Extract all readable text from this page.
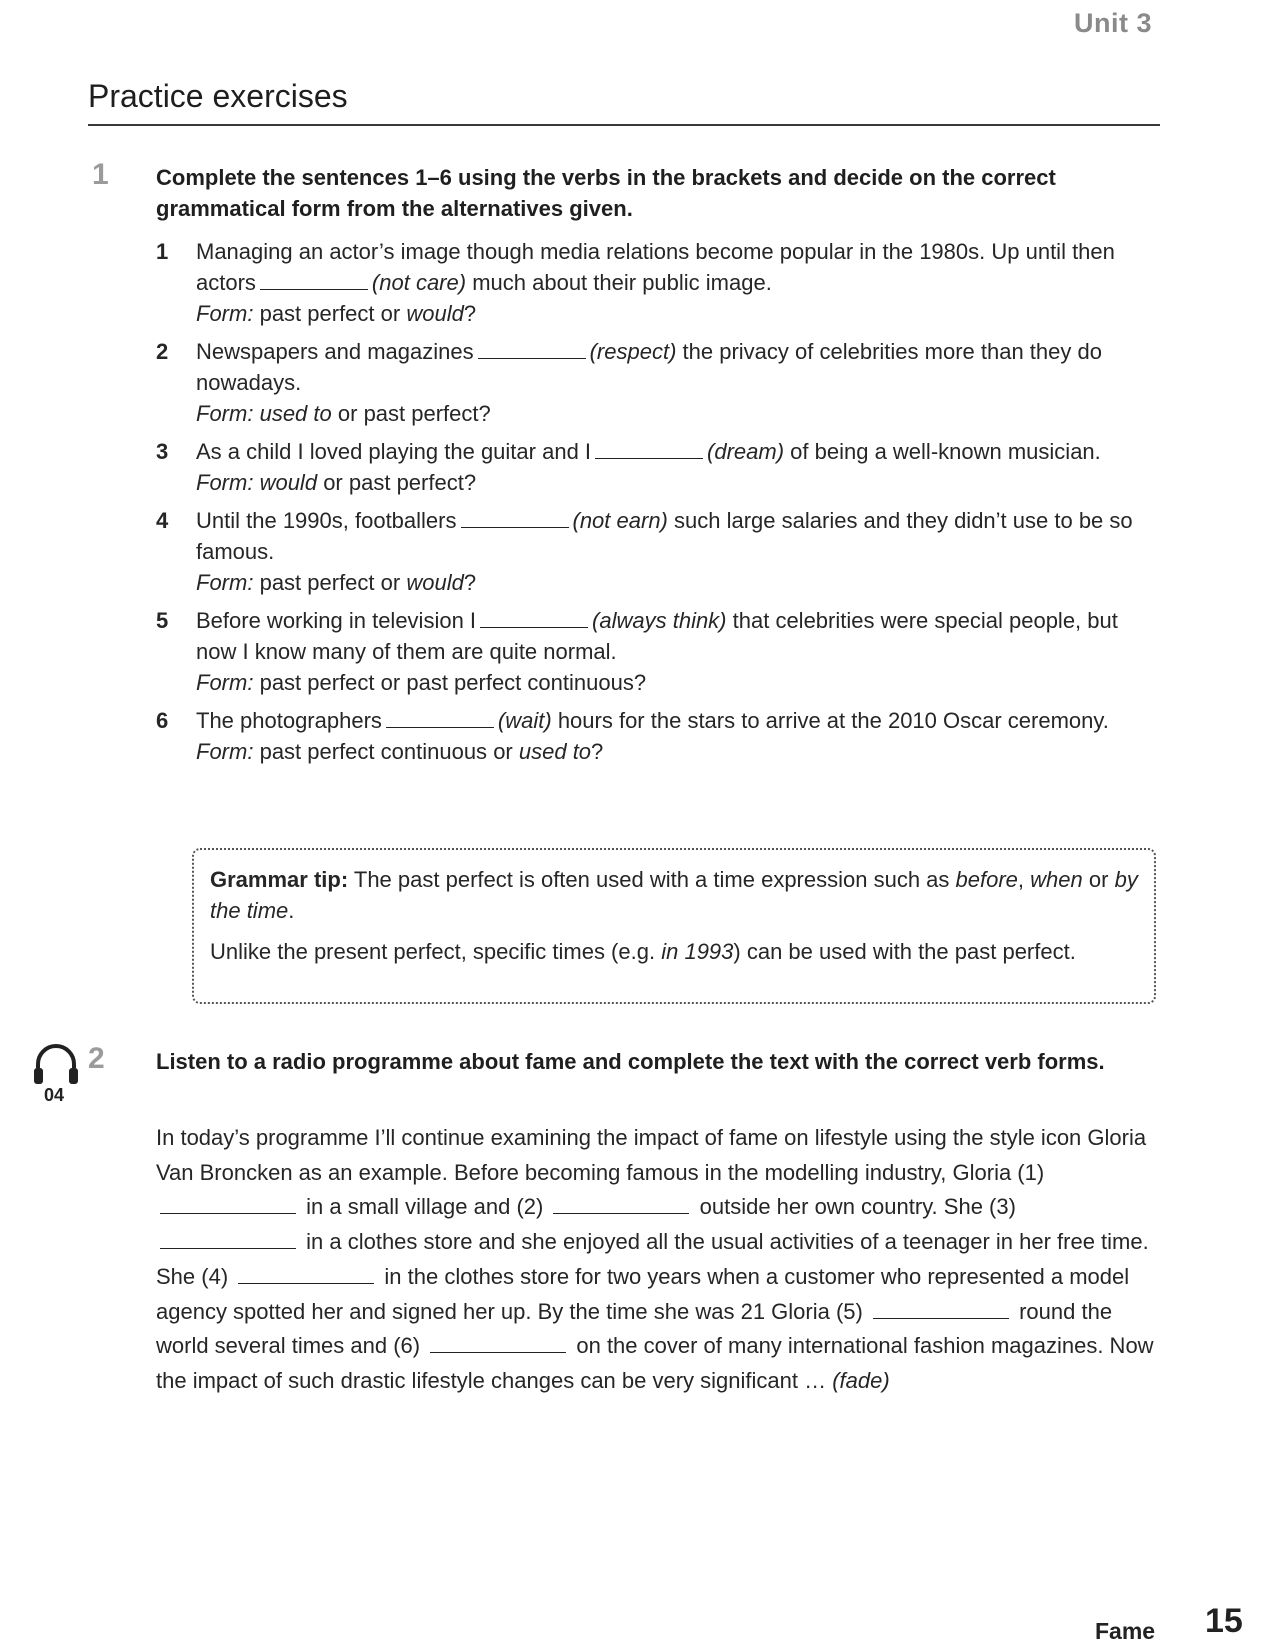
Unit 3
Practice exercises
1 Complete the sentences 1–6 using the verbs in the brackets and decide on the correct grammatical form from the alternatives given.
1 Managing an actor’s image though media relations become popular in the 1980s. Up until then actors	(not care) much about their public image.
Form: past perfect or would?
2 Newspapers and magazines	(respect) the privacy of celebrities more than they do nowadays.
Form: used to or past perfect?
3 As a child I loved playing the guitar and I	(dream) of being a well-known musician.
Form: would or past perfect?
4 Until the 1990s, footballers	(not earn) such large salaries and they didn’t use to be so famous.
Form: past perfect or would?
5 Before working in television I	(always think) that celebrities were special people, but now I know many of them are quite normal.
Form: past perfect or past perfect continuous?
6 The photographers	(wait) hours for the stars to arrive at the 2010 Oscar ceremony.
Form: past perfect continuous or used to?

Grammar tip: The past perfect is often used with a time expression such as before, when or by the time.

Unlike the present perfect, specific times (e.g. in 1993) can be used with the past perfect.

04
2 Listen to a radio programme about fame and complete the text with the correct verb forms.

In today’s programme I’ll continue examining the impact of fame on lifestyle using the style icon Gloria Van Broncken as an example. Before becoming famous in the modelling industry, Gloria (1)  in a small village and (2)	outside her own country. She (3)  in a clothes store and she enjoyed all the usual activities of a teenager in her free time. She (4)	in the clothes store for two years when a customer who represented a model agency spotted her and signed her up. By the time she was 21 Gloria (5)	round the world several times and (6)	on the cover of many international fashion magazines. Now the impact of such drastic lifestyle changes can be very significant … (fade)

Fame 15
